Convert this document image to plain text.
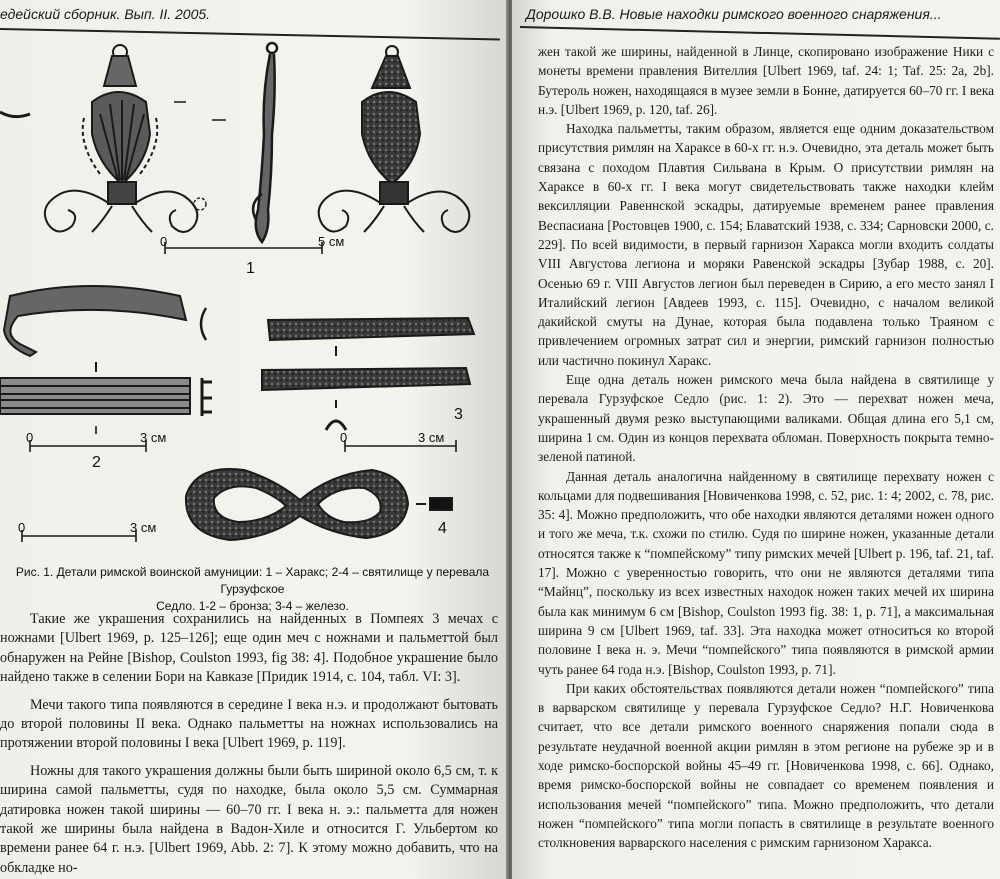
едейский сборник. Вып. II. 2005.
0	5 см
1
0	3 см
2
3
0	3 см
0	3 см	4
Рис. 1. Детали римской воинской амуниции: 1 – Харакс; 2-4 – святилище у перевала Гурзуфское
Седло. 1-2 – бронза; 3-4 – железо.

Такие же украшения сохранились на найденных в Помпеях 3 мечах с ножнами [Ulbert 1969, p. 125–126]; еще один меч с ножнами и пальметтой был обнаружен на Рейне [Bishop, Coulston 1993, fig 38: 4]. Подобное украшение было найдено также в селении Бори на Кавказе [Придик 1914, с. 104, табл. VI: 3].

Мечи такого типа появляются в середине I века н.э. и продолжают бытовать до второй половины II века. Однако пальметты на ножнах использовались на протяжении второй половины I века [Ulbert 1969, p. 119].

Ножны для такого украшения должны были быть шириной около 6,5 см, т. к ширина самой пальметты, судя по находке, была около 5,5 см. Суммарная датировка ножен такой ширины — 60–70 гг. I века н. э.: пальметта для ножен такой же ширины была найдена в Вадон-Хиле и относится Г. Ульбертом ко времени ранее 64 г. н.э. [Ulbert 1969, Abb. 2: 7]. К этому можно добавить, что на обкладке но-

Дорошко В.В. Новые находки римского военного снаряжения...

жен такой же ширины, найденной в Линце, скопировано изображение Ники с монеты времени правления Вителлия [Ulbert 1969, taf. 24: 1; Taf. 25: 2a, 2b]. Бутероль ножен, находящаяся в музее земли в Бонне, датируется 60–70 гг. I века н.э. [Ulbert 1969, p. 120, taf. 26].

Находка пальметты, таким образом, является еще одним доказательством присутствия римлян на Хараксе в 60-х гг. н.э. Очевидно, эта деталь может быть связана с походом Плавтия Сильвана в Крым. О присутствии римлян на Хараксе в 60-х гг. I века могут свидетельствовать также находки клейм вексилляции Равеннской эскадры, датируемые временем ранее правления Веспасиана [Ростовцев 1900, с. 154; Блаватский 1938, с. 334; Сарновски 2000, с. 229]. По всей видимости, в первый гарнизон Харакса могли входить солдаты VIII Августова легиона и моряки Равенской эскадры [Зубар 1988, с. 20]. Осенью 69 г. VIII Августов легион был переведен в Сирию, а его место занял I Италийский легион [Авдеев 1993, с. 115]. Очевидно, с началом великой дакийской смуты на Дунае, которая была подавлена только Траяном с привлечением огромных затрат сил и энергии, римский гарнизон полностью или частично покинул Харакс.

Еще одна деталь ножен римского меча была найдена в святилище у перевала Гурзуфское Седло (рис. 1: 2). Это — перехват ножен меча, украшенный двумя резко выступающими валиками. Общая длина его 5,1 см, ширина 1 см. Один из концов перехвата обломан. Поверхность покрыта темно-зеленой патиной.

Данная деталь аналогична найденному в святилище перехвату ножен с кольцами для подвешивания [Новиченкова 1998, с. 52, рис. 1: 4; 2002, с. 78, рис. 35: 4]. Можно предположить, что обе находки являются деталями ножен одного и того же меча, т.к. схожи по стилю. Судя по ширине ножен, указанные детали относятся также к “помпейскому” типу римских мечей [Ulbert p. 196, taf. 21, taf. 17]. Можно с уверенностью говорить, что они не являются деталями типа “Майнц”, поскольку из всех известных находок ножен таких мечей их ширина была как минимум 6 см [Bishop, Coulston 1993 fig. 38: 1, p. 71], а максимальная ширина 9 см [Ulbert 1969, taf. 33]. Эта находка может относиться ко второй половине I века н. э. Мечи “помпейского” типа появляются в римской армии чуть ранее 64 года н.э. [Bishop, Coulston 1993, p. 71].

При каких обстоятельствах появляются детали ножен “помпейского” типа в варварском святилище у перевала Гурзуфское Седло? Н.Г. Новиченкова считает, что все детали римского военного снаряжения попали сюда в результате неудачной военной акции римлян в этом регионе на рубеже эр и в ходе римско-боспорской войны 45–49 гг. [Новиченкова 1998, с. 66]. Однако, время римско-боспорской войны не совпадает со временем появления и использования мечей “помпейского” типа. Можно предположить, что детали ножен “помпейского” типа могли попасть в святилище в результате военного столкновения варварского населения с римским гарнизоном Харакса.
